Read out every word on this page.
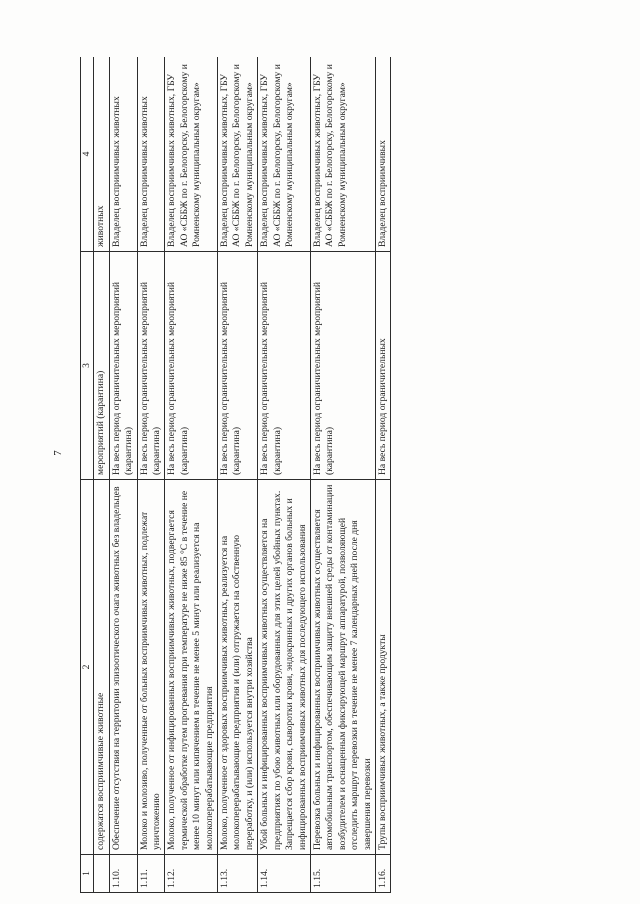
7
1	2	3	4
	содержатся восприимчивые животные	мероприятий (карантина)	животных
1.10.	Обеспечение отсутствия на территории эпизоотического очага животных без владельцев	На весь период ограничительных мероприятий (карантина)	Владелец восприимчивых животных
1.11.	Молоко и молозиво, полученные от больных восприимчивых животных, подлежат уничтожению	На весь период ограничительных мероприятий (карантина)	Владелец восприимчивых животных
1.12.	Молоко, полученное от инфицированных восприимчивых животных, подвергается термической обработке путем прогревания при температуре не ниже 85 °С в течение не менее 10 минут или кипячением в течение не менее 5 минут или реализуется на молокоперерабатывающие предприятия	На весь период ограничительных мероприятий (карантина)	Владелец восприимчивых животных, ГБУ АО «СББЖ по г. Белогорску, Белогорскому и Ромненскому муниципальным округам»
1.13.	Молоко, полученное от здоровых восприимчивых животных, реализуется на молокоперерабатывающие предприятия и (или) отгружается на собственную переработку, и (или) используется внутри хозяйства	На весь период ограничительных мероприятий (карантина)	Владелец восприимчивых животных, ГБУ АО «СББЖ по г. Белогорску, Белогорскому и Ромненскому муниципальным округам»
1.14.	Убой больных и инфицированных восприимчивых животных осуществляется на предприятиях по убою животных или оборудованных для этих целей убойных пунктах. Запрещается сбор крови, сыворотки крови, эндокринных и других органов больных и инфицированных восприимчивых животных для последующего использования	На весь период ограничительных мероприятий (карантина)	Владелец восприимчивых животных, ГБУ АО «СББЖ по г. Белогорску, Белогорскому и Ромненскому муниципальным округам»
1.15.	Перевозка больных и инфицированных восприимчивых животных осуществляется автомобильным транспортом, обеспечивающим защиту внешней среды от контаминации возбудителем и оснащенным фиксирующей маршрут аппаратурой, позволяющей отследить маршрут перевозки в течение не менее 7 календарных дней после дня завершения перевозки	На весь период ограничительных мероприятий (карантина)	Владелец восприимчивых животных, ГБУ АО «СББЖ по г. Белогорску, Белогорскому и Ромненскому муниципальным округам»
1.16.	Трупы восприимчивых животных, а также продукты	На весь период ограничительных	Владелец восприимчивых
